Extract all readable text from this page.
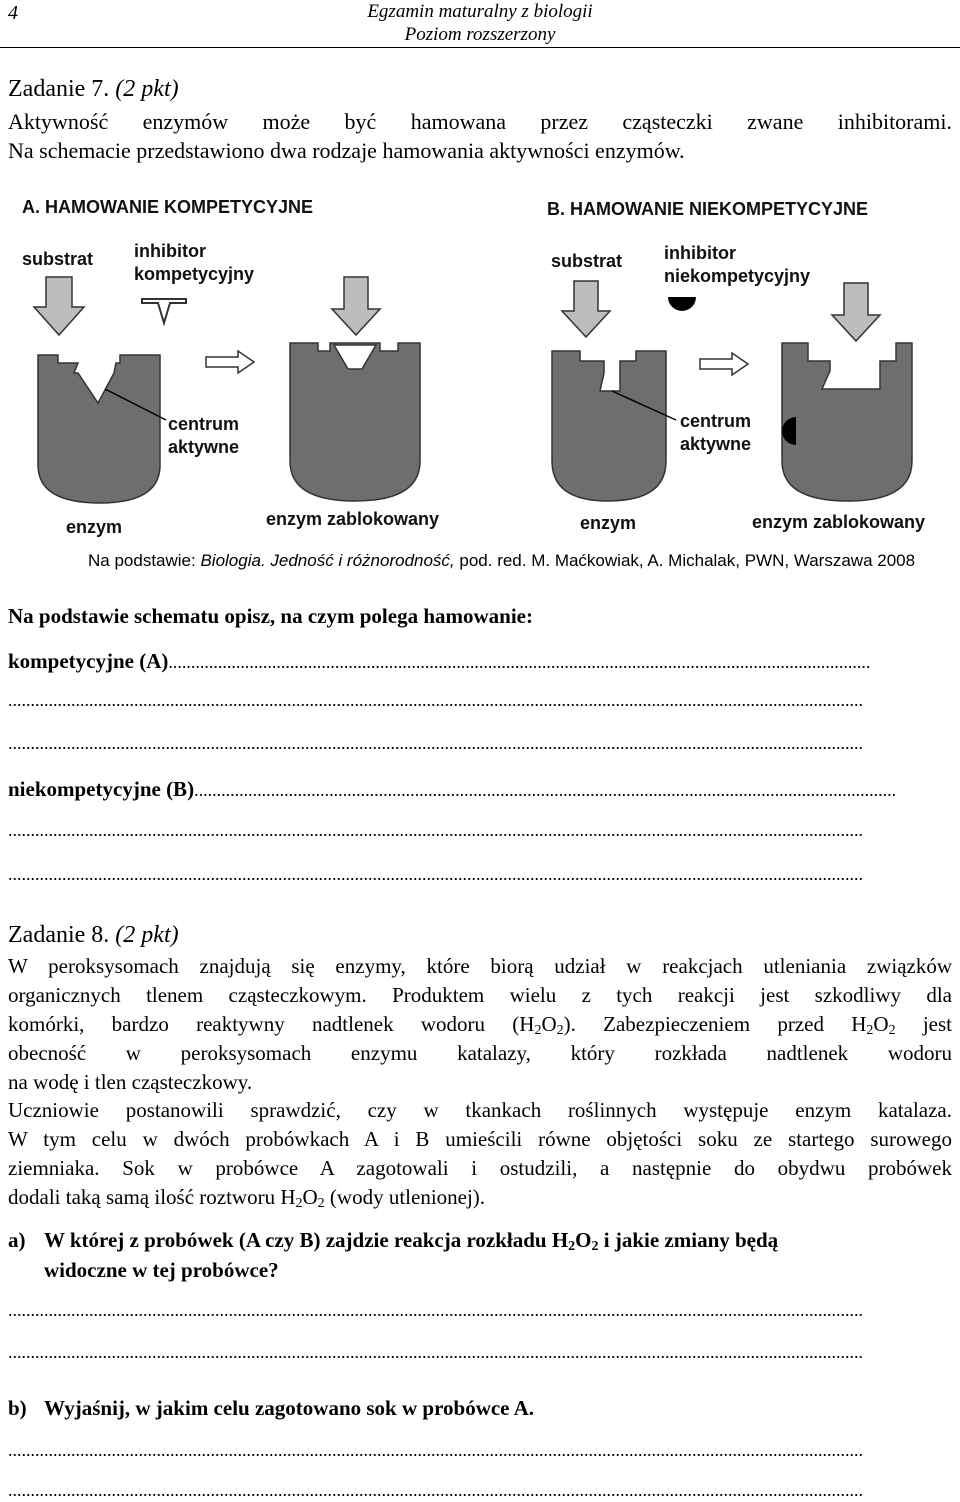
4	Egzamin maturalny z biologii
Poziom rozszerzony
Zadanie 7. (2 pkt)
Aktywność enzymów może być hamowana przez cząsteczki zwane inhibitorami.
Na schemacie przedstawiono dwa rodzaje hamowania aktywności enzymów.
A. HAMOWANIE KOMPETYCYJNE	B. HAMOWANIE NIEKOMPETYCYJNE
substrat inhibitor
kompetycyjny
substrat inhibitor
niekompetycyjny
centrum
aktywne
centrum
aktywne
enzym	enzym zablokowany	enzym	enzym zablokowany
Na podstawie: Biologia. Jedność i różnorodność, pod. red. M. Maćkowiak, A. Michalak, PWN, Warszawa 2008
Na podstawie schematu opisz, na czym polega hamowanie:
kompetycyjne (A)............................................................................................................................................................
..............................................................................................................................................................................................
..............................................................................................................................................................................................
niekompetycyjne (B)............................................................................................................................................................
..............................................................................................................................................................................................
..............................................................................................................................................................................................
Zadanie 8. (2 pkt)
W peroksysomach znajdują się enzymy, które biorą udział w reakcjach utleniania związków
organicznych tlenem cząsteczkowym. Produktem wielu z tych reakcji jest szkodliwy dla
komórki, bardzo reaktywny nadtlenek wodoru $(H_2O_2)$. Zabezpieczeniem przed $H_2O_2$ jest
obecność w peroksysomach enzymu katalazy, który rozkłada nadtlenek wodoru
na wodę i tlen cząsteczkowy.
Uczniowie postanowili sprawdzić, czy w tkankach roślinnych występuje enzym katalaza.
W tym celu w dwóch probówkach A i B umieścili równe objętości soku ze startego surowego
ziemniaka. Sok w probówce A zagotowali i ostudzili, a następnie do obydwu probówek
dodali taką samą ilość roztworu $H_2O_2$ (wody utlenionej).
a) W której z probówek (A czy B) zajdzie reakcja rozkładu $H_2O_2$ i jakie zmiany będą
widoczne w tej probówce?
..............................................................................................................................................................................................
..............................................................................................................................................................................................
b) Wyjaśnij, w jakim celu zagotowano sok w probówce A.
..............................................................................................................................................................................................
..............................................................................................................................................................................................
